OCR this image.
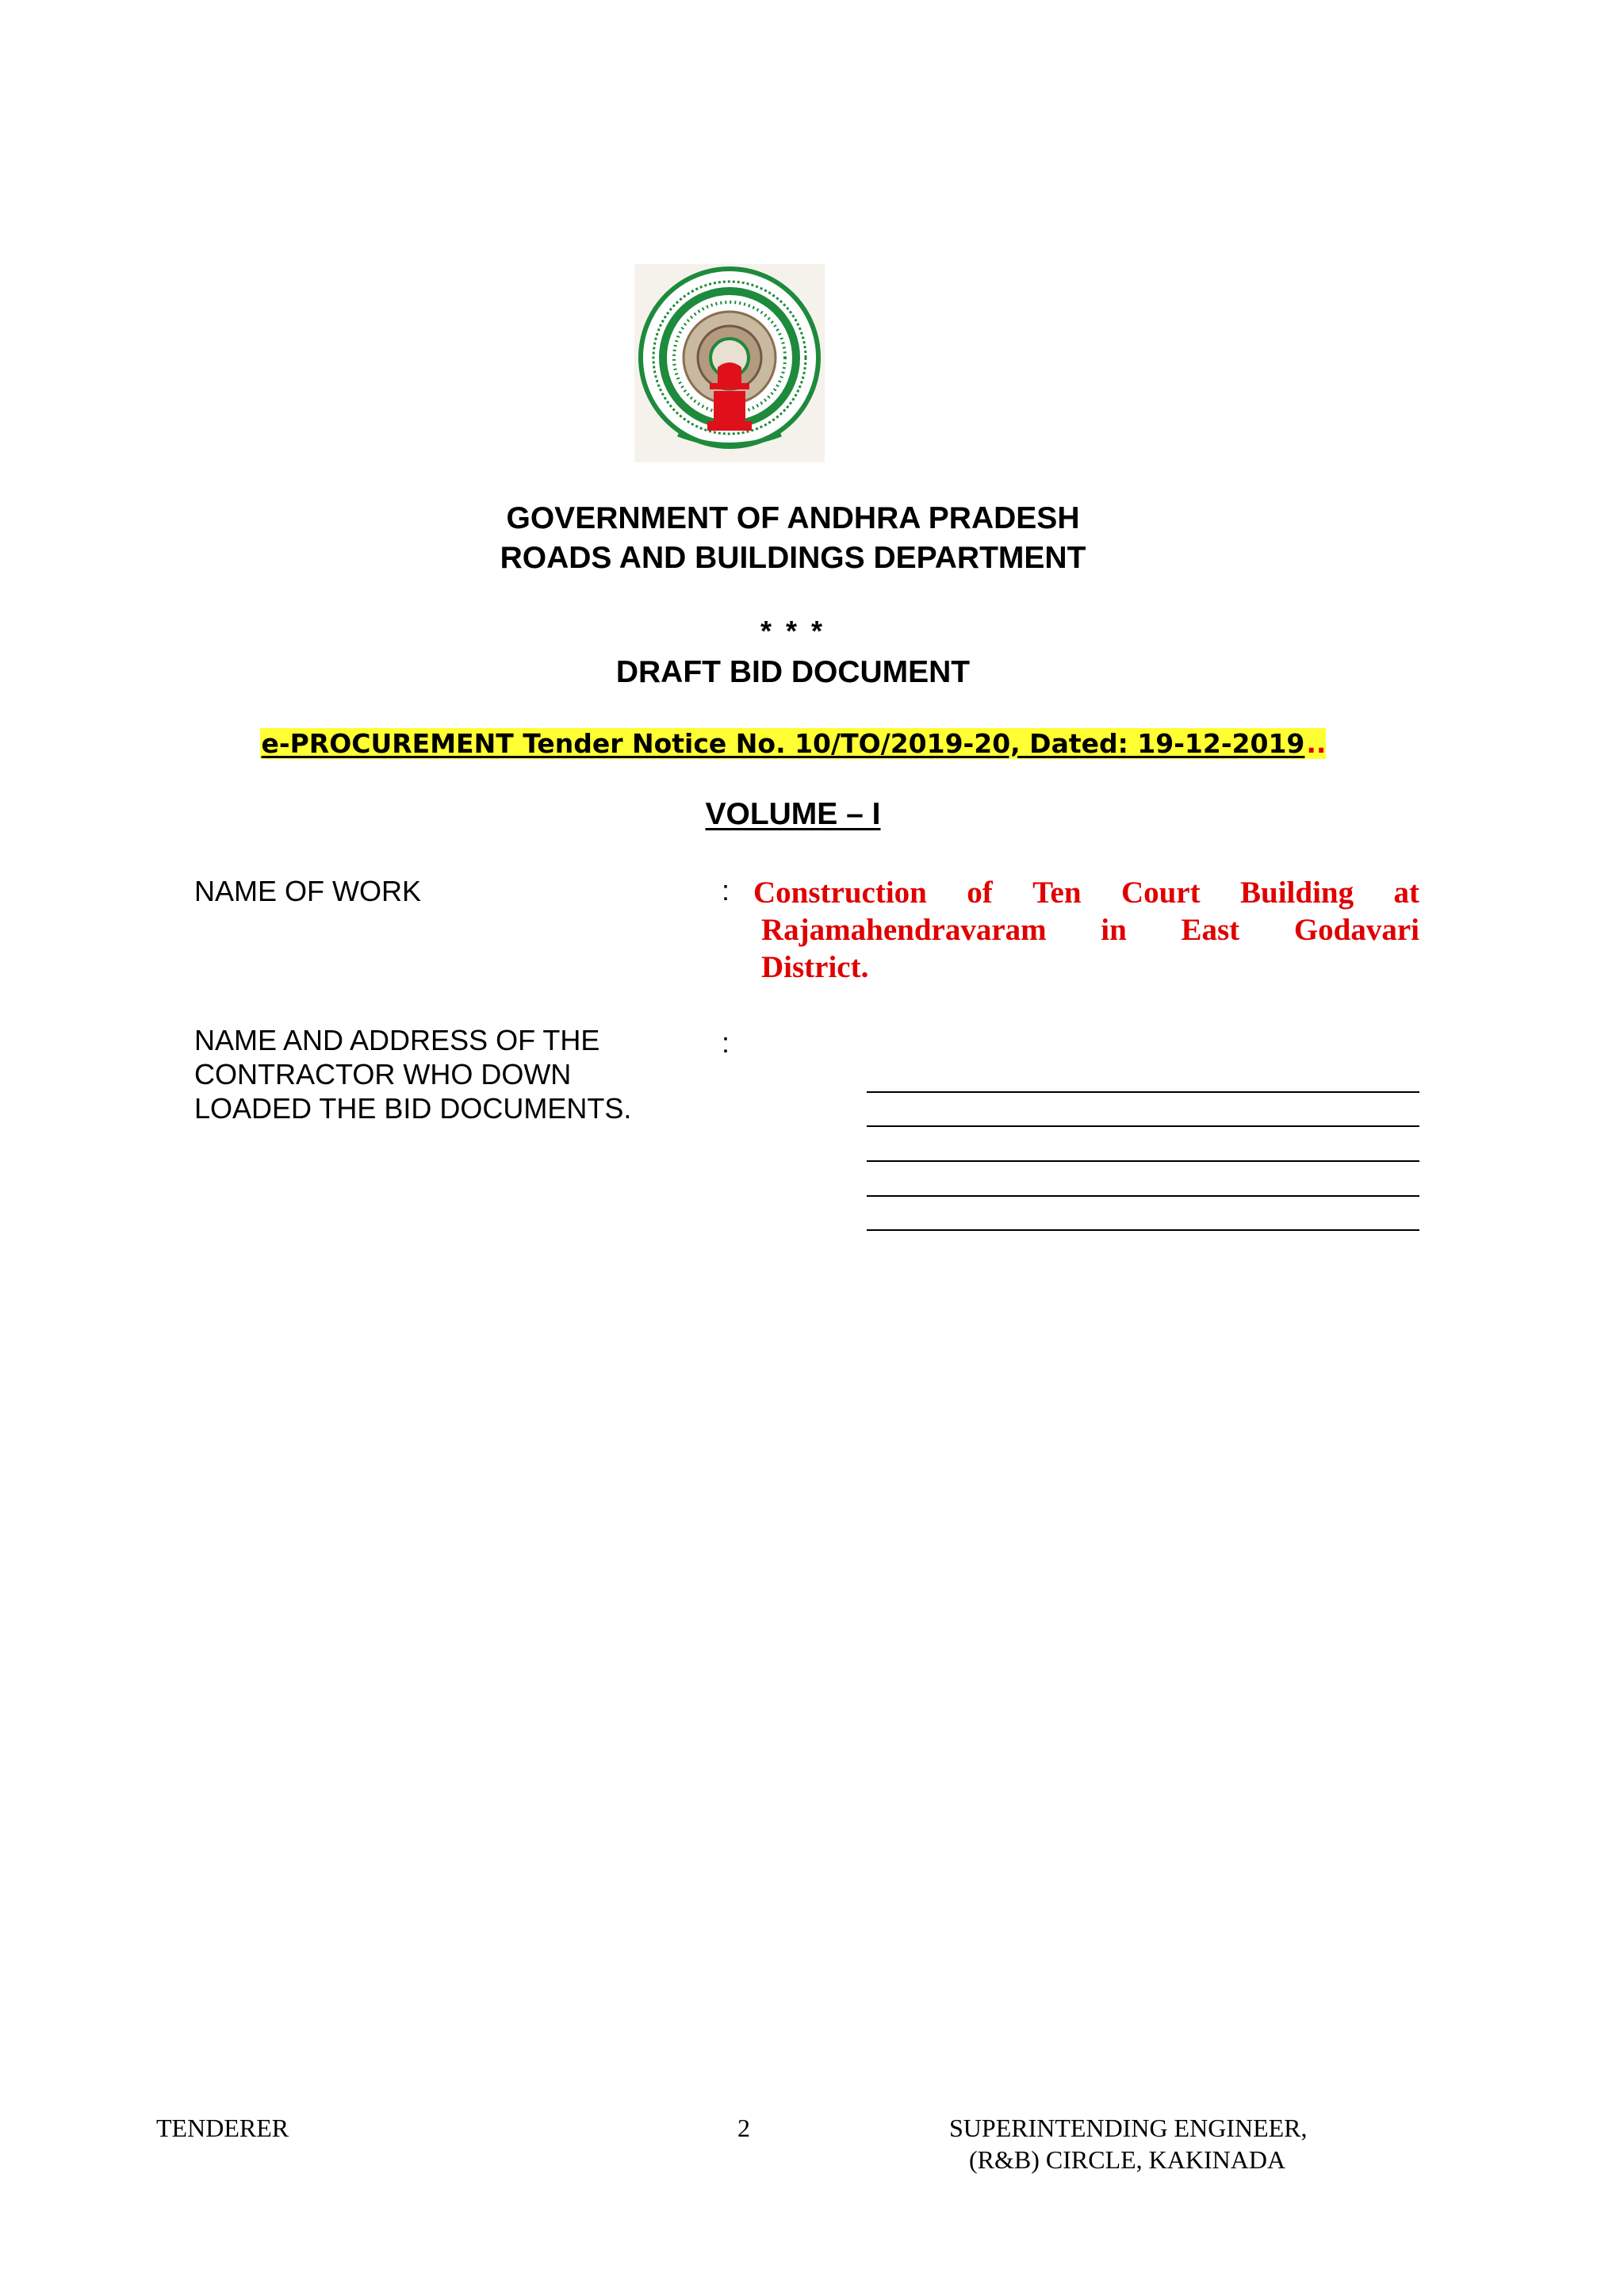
GOVERNMENT OF ANDHRA PRADESH
ROADS AND BUILDINGS DEPARTMENT
* * *
DRAFT BID DOCUMENT
e-PROCUREMENT Tender Notice No. 10/TO/2019-20, Dated: 19-12-2019..
VOLUME – I
NAME OF WORK	: Construction of Ten Court Building at
Rajamahendravaram in East Godavari
District.
NAME AND ADDRESS OF THE
CONTRACTOR WHO DOWN
LOADED THE BID DOCUMENTS.
:
TENDERER	2	SUPERINTENDING ENGINEER,
(R&B) CIRCLE, KAKINADA
